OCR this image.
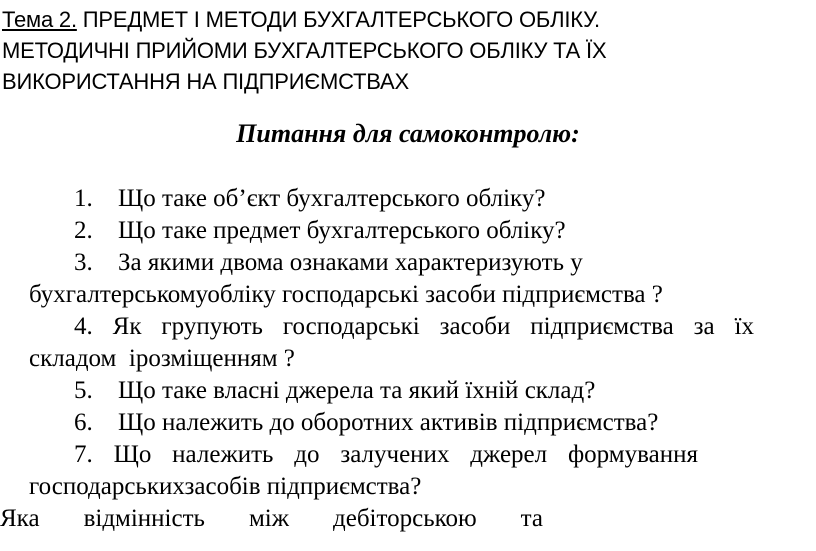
Тема 2. ПРЕДМЕТ І МЕТОДИ БУХГАЛТЕРСЬКОГО ОБЛІКУ.
МЕТОДИЧНІ ПРИЙОМИ БУХГАЛТЕРСЬКОГО ОБЛІКУ ТА ЇХ
ВИКОРИСТАННЯ НА ПІДПРИЄМСТВАХ
Питання для самоконтролю:
1. Що таке об’єкт бухгалтерського обліку?
2. Що таке предмет бухгалтерського обліку?
3. За якими двома ознаками характеризують у
бухгалтерськомуобліку господарські засоби підприємства ?
4. Як групують господарські засоби підприємства за їх
складом  ірозміщенням ?
5. Що таке власні джерела та який їхній склад?
6. Що належить до оборотних активів підприємства?
7. Що належить до залучених джерел формування
господарськихзасобів підприємства?
Яка відмінність між дебіторською та
